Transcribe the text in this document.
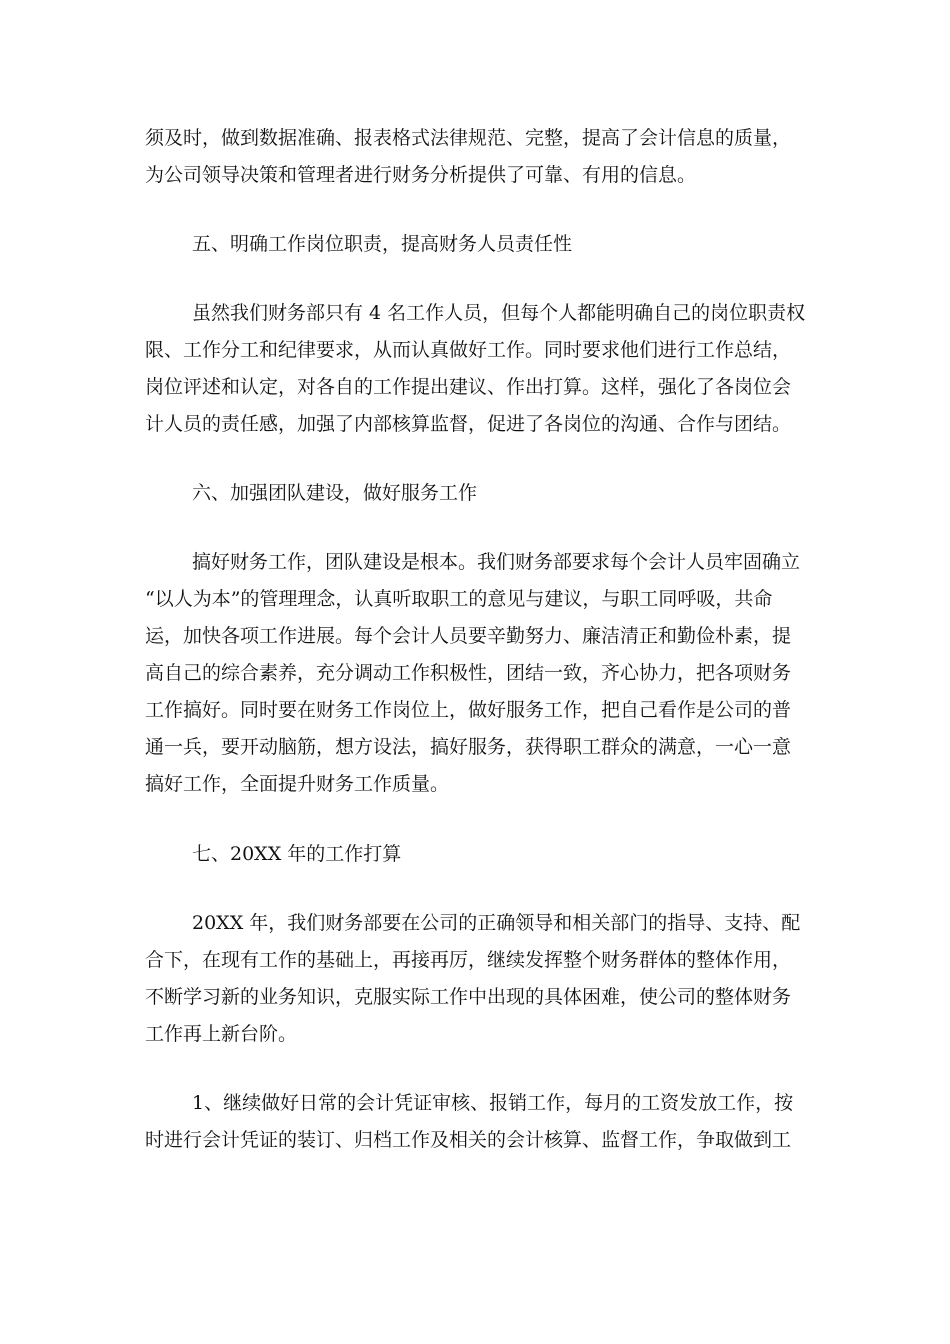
须及时，做到数据准确、报表格式法律规范、完整，提高了会计信息的质量，
为公司领导决策和管理者进行财务分析提供了可靠、有用的信息。
五、明确工作岗位职责，提高财务人员责任性
虽然我们财务部只有 4 名工作人员，但每个人都能明确自己的岗位职责权
限、工作分工和纪律要求，从而认真做好工作。同时要求他们进行工作总结，
岗位评述和认定，对各自的工作提出建议、作出打算。这样，强化了各岗位会
计人员的责任感，加强了内部核算监督，促进了各岗位的沟通、合作与团结。
六、加强团队建设，做好服务工作
搞好财务工作，团队建设是根本。我们财务部要求每个会计人员牢固确立
“以人为本”的管理理念，认真听取职工的意见与建议，与职工同呼吸，共命
运，加快各项工作进展。每个会计人员要辛勤努力、廉洁清正和勤俭朴素，提
高自己的综合素养，充分调动工作积极性，团结一致，齐心协力，把各项财务
工作搞好。同时要在财务工作岗位上，做好服务工作，把自己看作是公司的普
通一兵，要开动脑筋，想方设法，搞好服务，获得职工群众的满意，一心一意
搞好工作，全面提升财务工作质量。
七、20XX 年的工作打算
20XX 年，我们财务部要在公司的正确领导和相关部门的指导、支持、配
合下，在现有工作的基础上，再接再厉，继续发挥整个财务群体的整体作用，
不断学习新的业务知识，克服实际工作中出现的具体困难，使公司的整体财务
工作再上新台阶。
1、继续做好日常的会计凭证审核、报销工作，每月的工资发放工作，按
时进行会计凭证的装订、归档工作及相关的会计核算、监督工作，争取做到工
